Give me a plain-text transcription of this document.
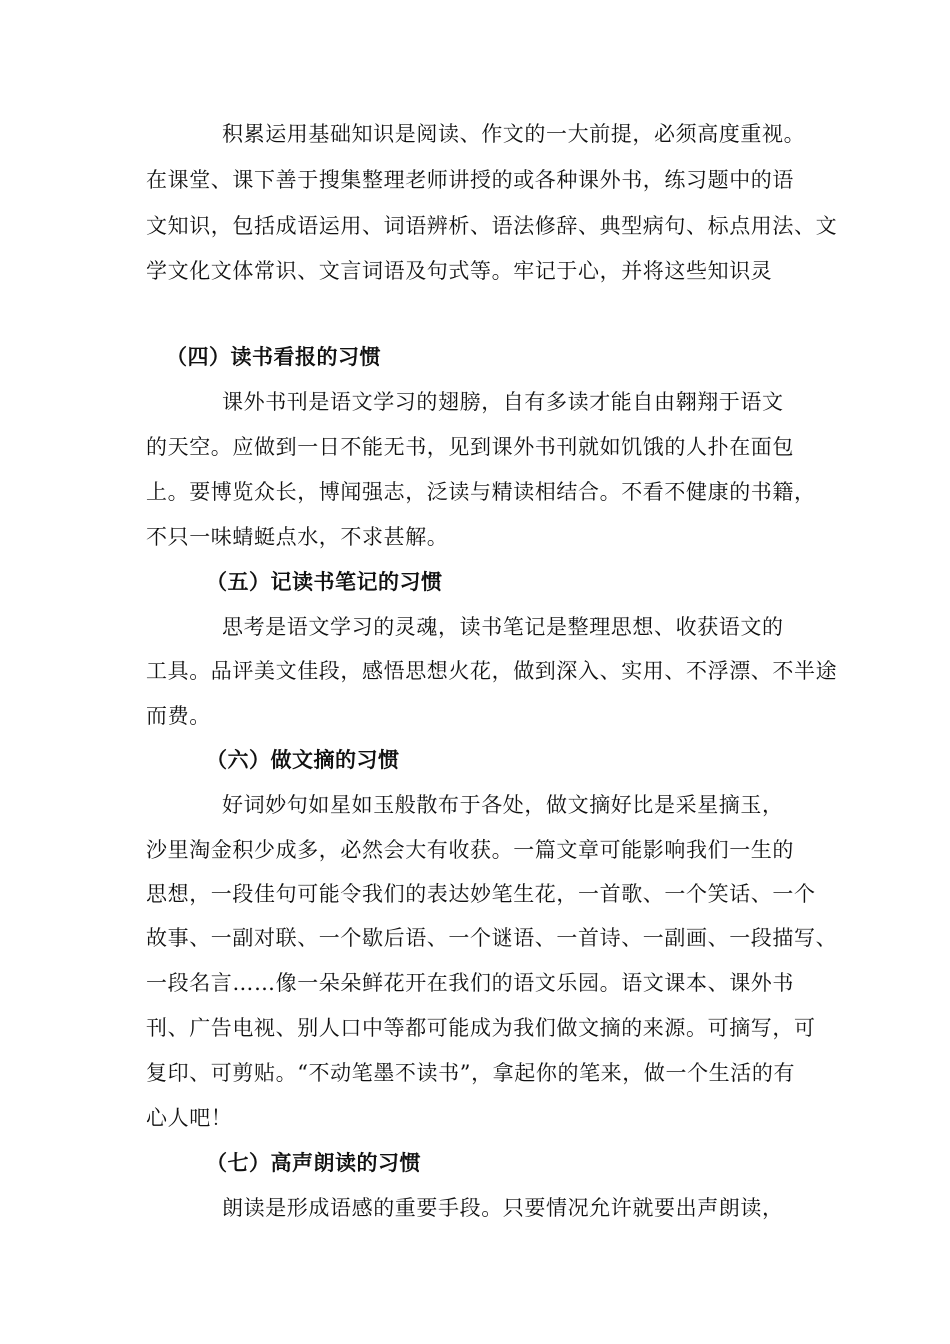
积累运用基础知识是阅读、作文的一大前提，必须高度重视。
在课堂、课下善于搜集整理老师讲授的或各种课外书，练习题中的语
文知识，包括成语运用、词语辨析、语法修辞、典型病句、标点用法、文
学文化文体常识、文言词语及句式等。牢记于心，并将这些知识灵
（四）读书看报的习惯
课外书刊是语文学习的翅膀，自有多读才能自由翱翔于语文
的天空。应做到一日不能无书，见到课外书刊就如饥饿的人扑在面包
上。要博览众长，博闻强志，泛读与精读相结合。不看不健康的书籍，
不只一味蜻蜓点水，不求甚解。
（五）记读书笔记的习惯
思考是语文学习的灵魂，读书笔记是整理思想、收获语文的
工具。品评美文佳段，感悟思想火花，做到深入、实用、不浮漂、不半途
而费。
（六）做文摘的习惯
好词妙句如星如玉般散布于各处，做文摘好比是采星摘玉，
沙里淘金积少成多，必然会大有收获。一篇文章可能影响我们一生的
思想，一段佳句可能令我们的表达妙笔生花，一首歌、一个笑话、一个
故事、一副对联、一个歇后语、一个谜语、一首诗、一副画、一段描写、
一段名言……像一朵朵鲜花开在我们的语文乐园。语文课本、课外书
刊、广告电视、别人口中等都可能成为我们做文摘的来源。可摘写，可
复印、可剪贴。“不动笔墨不读书”，拿起你的笔来，做一个生活的有
心人吧！
（七）高声朗读的习惯
朗读是形成语感的重要手段。只要情况允许就要出声朗读，
